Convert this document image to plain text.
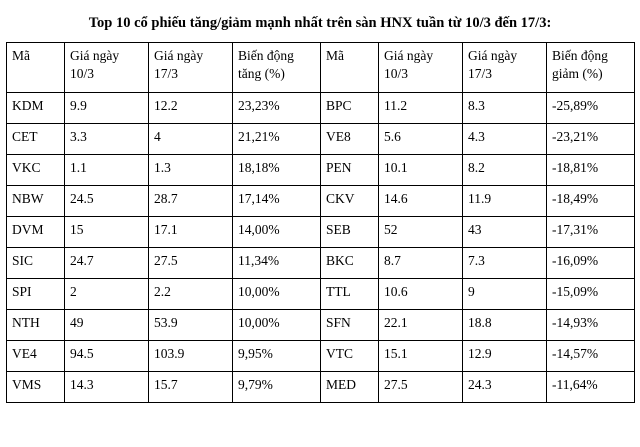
Top 10 cổ phiếu tăng/giảm mạnh nhất trên sàn HNX tuần từ 10/3 đến 17/3:
Mã	Giá ngày 10/3	Giá ngày 17/3	Biến động tăng (%)	Mã	Giá ngày 10/3	Giá ngày 17/3	Biến động giảm (%)
KDM	9.9	12.2	23,23%	BPC	11.2	8.3	-25,89%
CET	3.3	4	21,21%	VE8	5.6	4.3	-23,21%
VKC	1.1	1.3	18,18%	PEN	10.1	8.2	-18,81%
NBW	24.5	28.7	17,14%	CKV	14.6	11.9	-18,49%
DVM	15	17.1	14,00%	SEB	52	43	-17,31%
SIC	24.7	27.5	11,34%	BKC	8.7	7.3	-16,09%
SPI	2	2.2	10,00%	TTL	10.6	9	-15,09%
NTH	49	53.9	10,00%	SFN	22.1	18.8	-14,93%
VE4	94.5	103.9	9,95%	VTC	15.1	12.9	-14,57%
VMS	14.3	15.7	9,79%	MED	27.5	24.3	-11,64%
